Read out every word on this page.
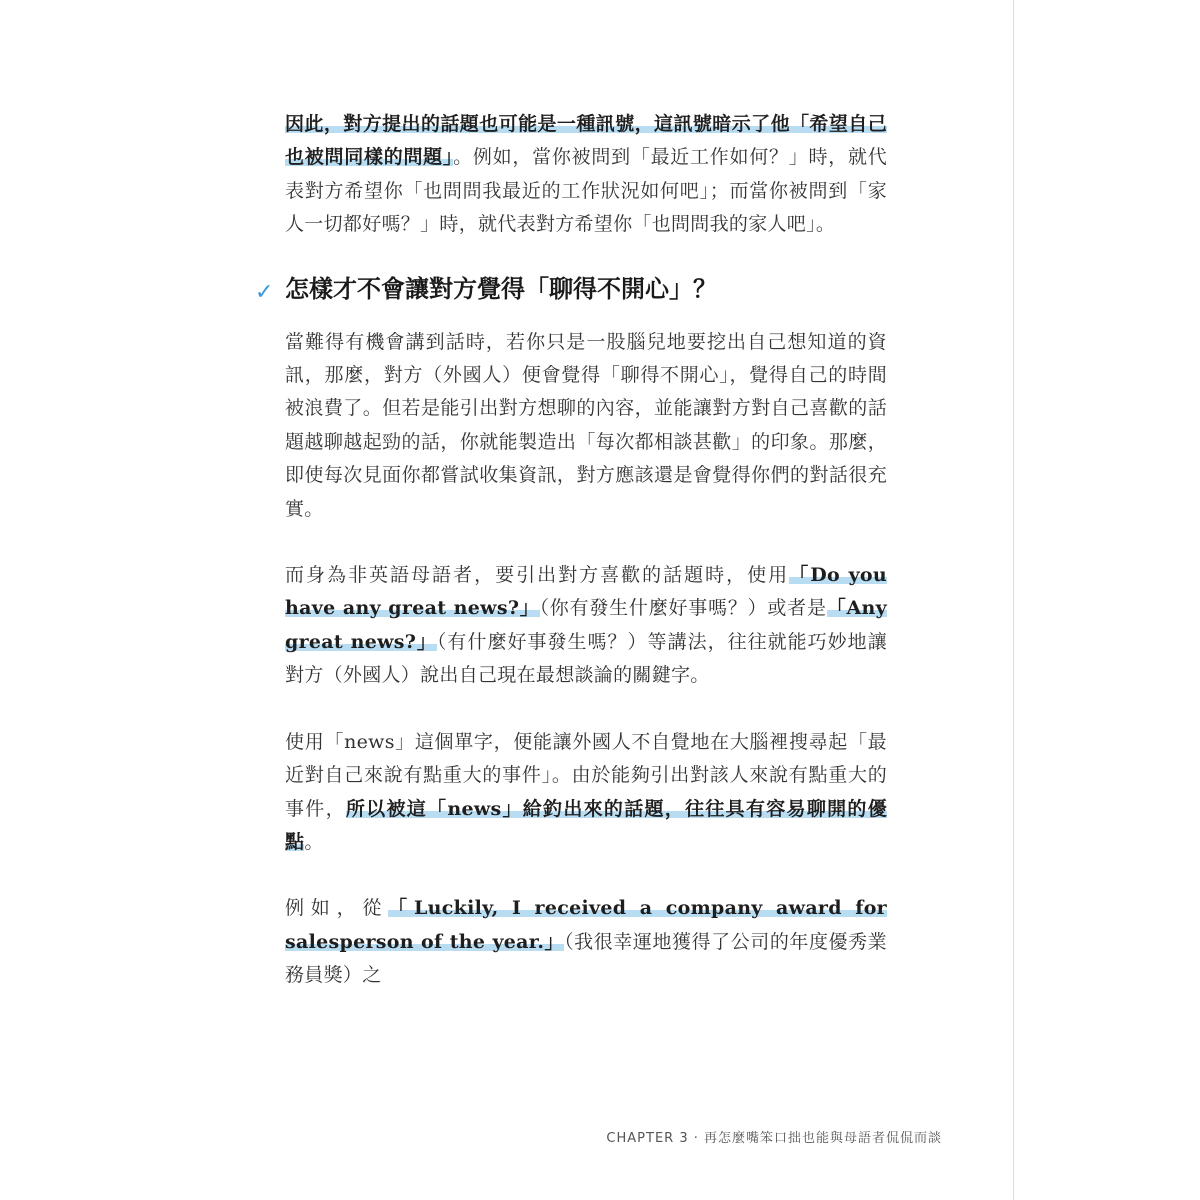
因此，對方提出的話題也可能是一種訊號，這訊號暗示了他「希望自己也被問同樣的問題」。例如，當你被問到「最近工作如何？」時，就代表對方希望你「也問問我最近的工作狀況如何吧」；而當你被問到「家人一切都好嗎？」時，就代表對方希望你「也問問我的家人吧」。

✓ 怎樣才不會讓對方覺得「聊得不開心」？

當難得有機會講到話時，若你只是一股腦兒地要挖出自己想知道的資訊，那麼，對方（外國人）便會覺得「聊得不開心」，覺得自己的時間被浪費了。但若是能引出對方想聊的內容，並能讓對方對自己喜歡的話題越聊越起勁的話，你就能製造出「每次都相談甚歡」的印象。那麼，即使每次見面你都嘗試收集資訊，對方應該還是會覺得你們的對話很充實。

而身為非英語母語者，要引出對方喜歡的話題時，使用「Do you have any great news?」（你有發生什麼好事嗎？）或者是「Any great news?」（有什麼好事發生嗎？）等講法，往往就能巧妙地讓對方（外國人）說出自己現在最想談論的關鍵字。

使用「news」這個單字，便能讓外國人不自覺地在大腦裡搜尋起「最近對自己來說有點重大的事件」。由於能夠引出對該人來說有點重大的事件，所以被這「news」給釣出來的話題，往往具有容易聊開的優點。

例如，從「Luckily, I received a company award for salesperson of the year.」（我很幸運地獲得了公司的年度優秀業務員獎）之

CHAPTER 3 · 再怎麼嘴笨口拙也能與母語者侃侃而談
